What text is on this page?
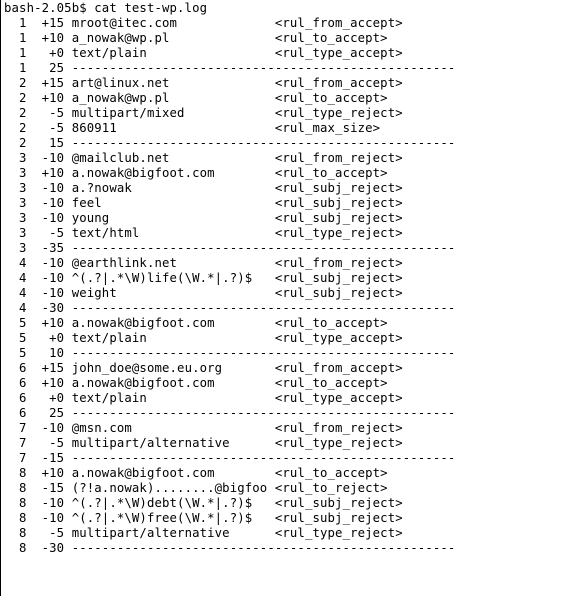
bash-2.05b$ cat test-wp.log
1  +15 mroot@itec.com             <rul_from_accept>
1  +10 a_nowak@wp.pl              <rul_to_accept>
1   +0 text/plain                 <rul_type_accept>
1   25 ---------------------------------------------------
2  +15 art@linux.net              <rul_from_accept>
2  +10 a_nowak@wp.pl              <rul_to_accept>
2   -5 multipart/mixed            <rul_type_reject>
2   -5 860911                     <rul_max_size>
2   15 ---------------------------------------------------
3  -10 @mailclub.net              <rul_from_reject>
3  +10 a.nowak@bigfoot.com        <rul_to_accept>
3  -10 a.?nowak                   <rul_subj_reject>
3  -10 feel                       <rul_subj_reject>
3  -10 young                      <rul_subj_reject>
3   -5 text/html                  <rul_type_reject>
3  -35 ---------------------------------------------------
4  -10 @earthlink.net             <rul_from_reject>
4  -10 ^(.?|.*\W)life(\W.*|.?)$   <rul_subj_reject>
4  -10 weight                     <rul_subj_reject>
4  -30 ---------------------------------------------------
5  +10 a.nowak@bigfoot.com        <rul_to_accept>
5   +0 text/plain                 <rul_type_accept>
5   10 ---------------------------------------------------
6  +15 john_doe@some.eu.org       <rul_from_accept>
6  +10 a.nowak@bigfoot.com        <rul_to_accept>
6   +0 text/plain                 <rul_type_accept>
6   25 ---------------------------------------------------
7  -10 @msn.com                   <rul_from_reject>
7   -5 multipart/alternative      <rul_type_reject>
7  -15 ---------------------------------------------------
8  +10 a.nowak@bigfoot.com        <rul_to_accept>
8  -15 (?!a.nowak)........@bigfoo <rul_to_reject>
8  -10 ^(.?|.*\W)debt(\W.*|.?)$   <rul_subj_reject>
8  -10 ^(.?|.*\W)free(\W.*|.?)$   <rul_subj_reject>
8   -5 multipart/alternative      <rul_type_reject>
8  -30 ---------------------------------------------------
